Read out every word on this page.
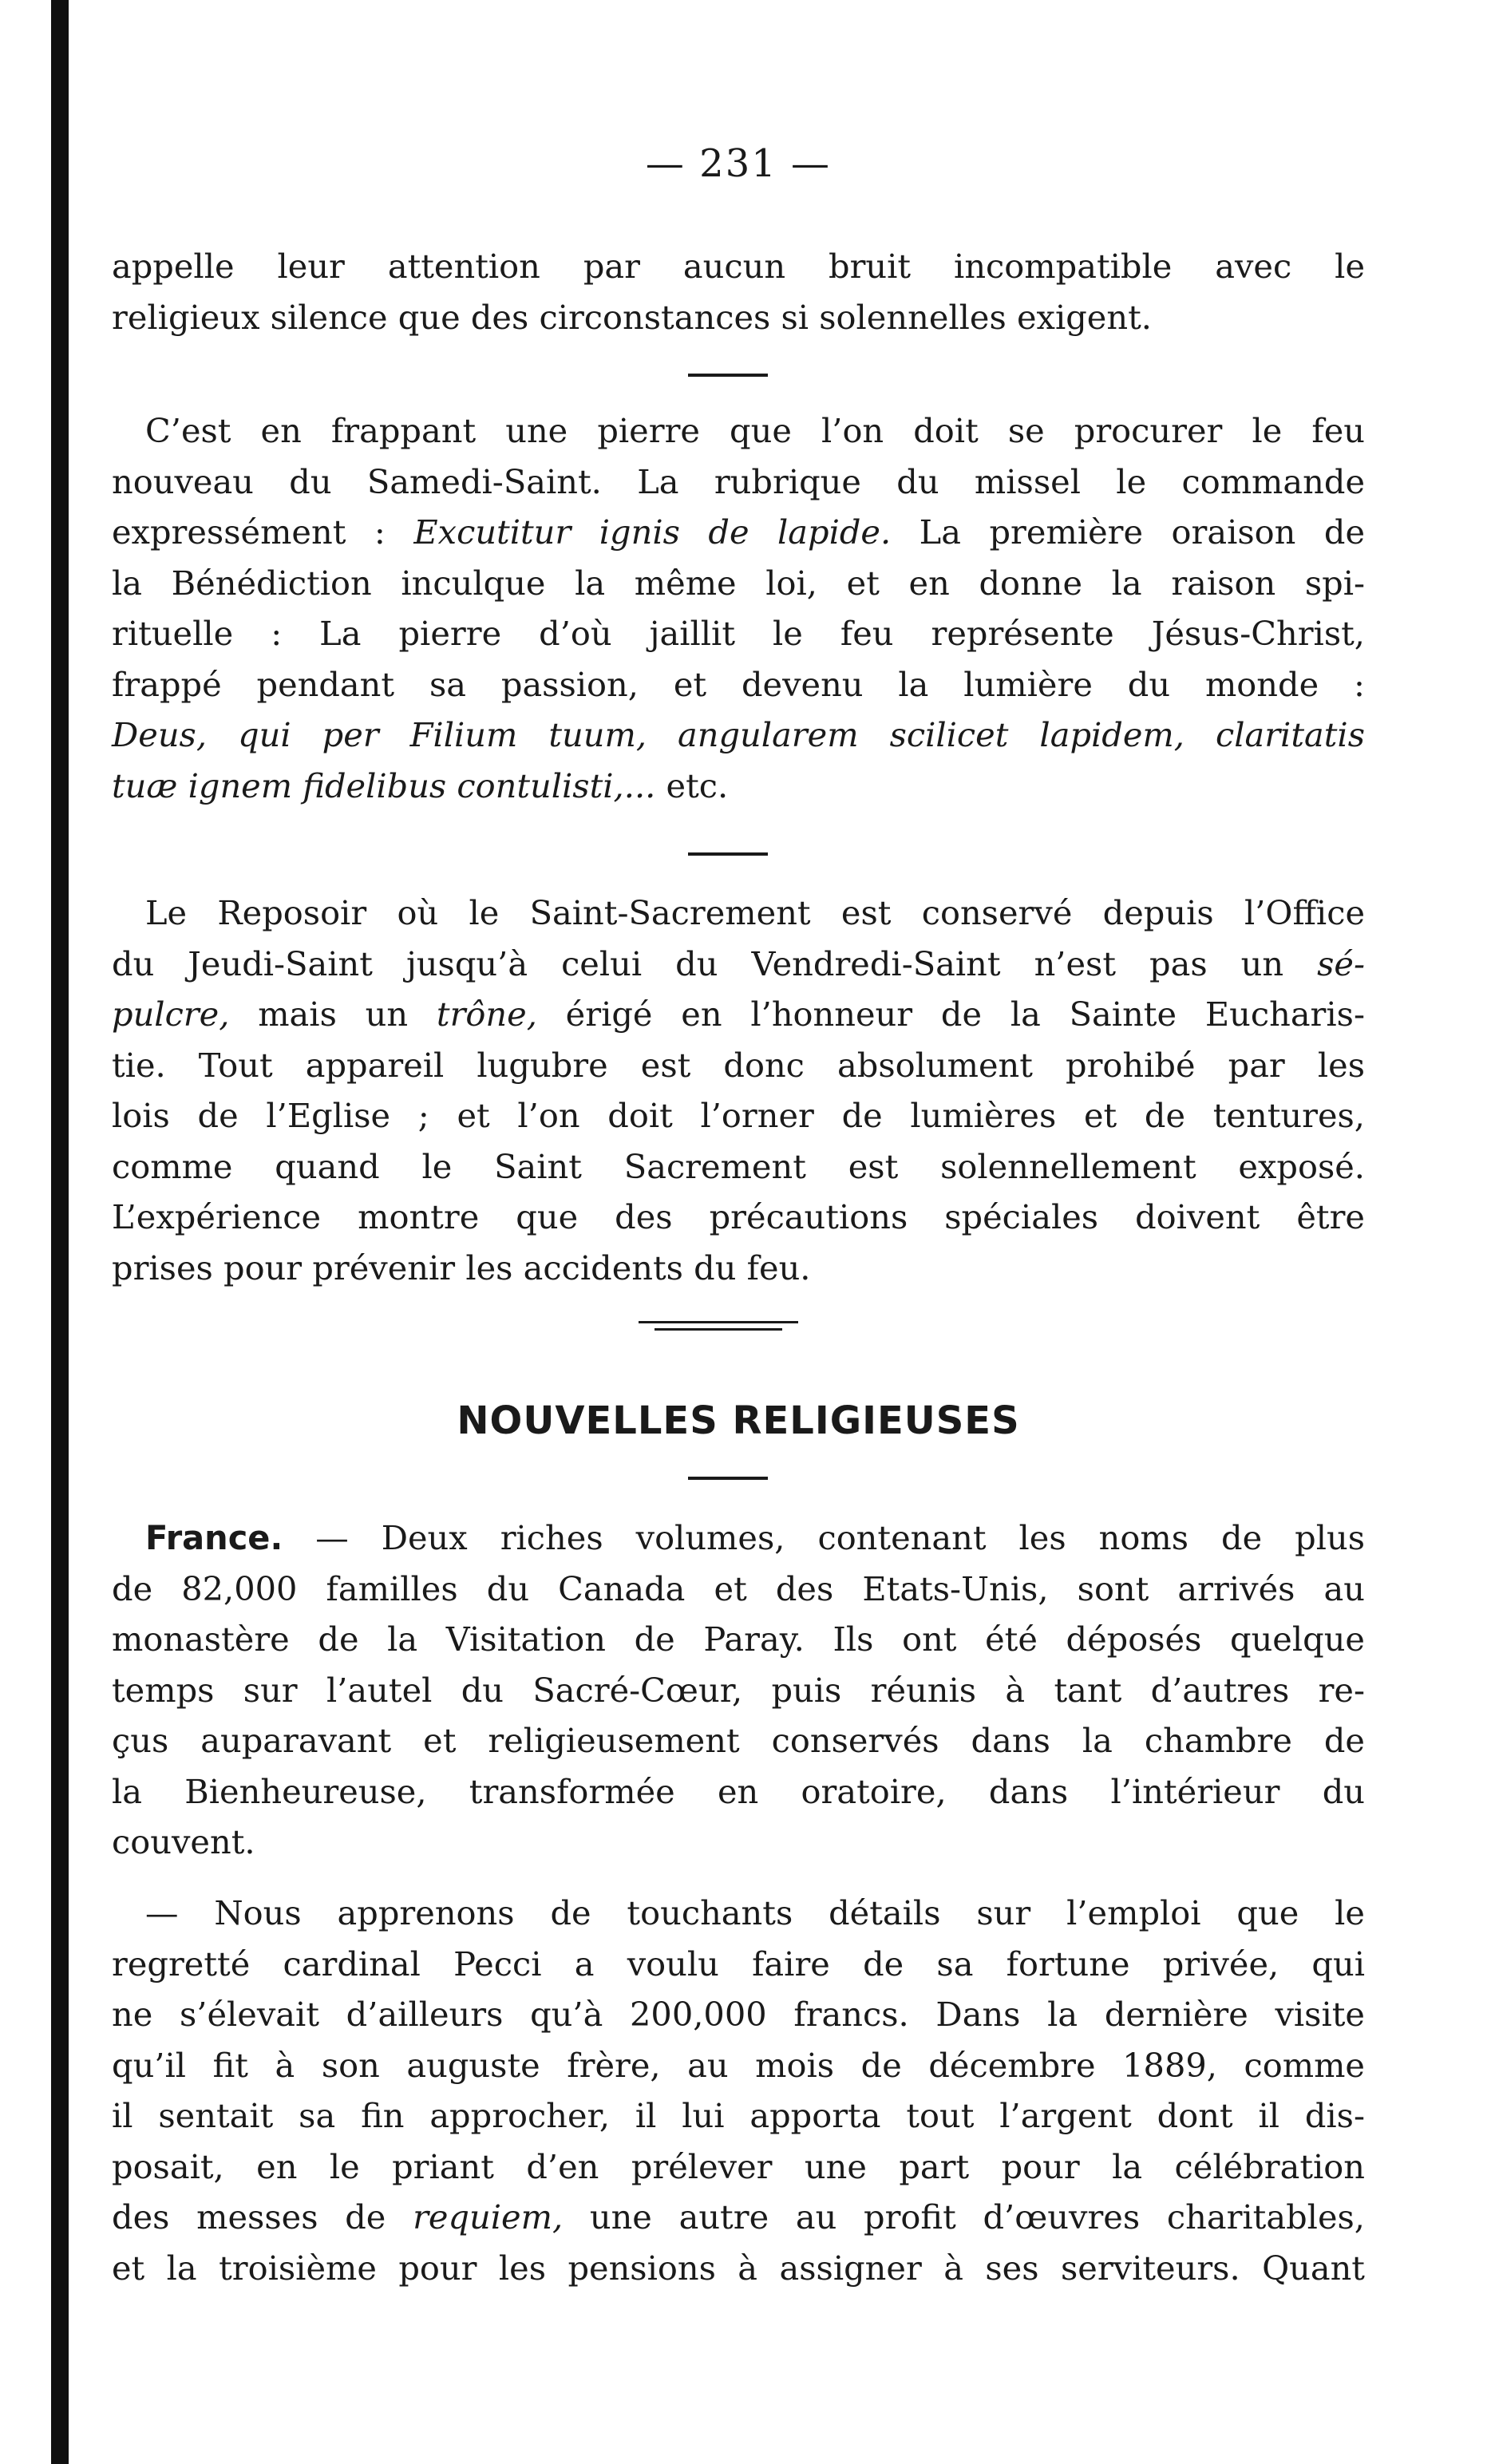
— 231 —
appelle leur attention par aucun bruit incompatible avec le
religieux silence que des circonstances si solennelles exigent.
C’est en frappant une pierre que l’on doit se procurer le feu
nouveau du Samedi-Saint. La rubrique du missel le commande
expressément : Excutitur ignis de lapide. La première oraison de
la Bénédiction inculque la même loi, et en donne la raison spi-
rituelle : La pierre d’où jaillit le feu représente Jésus-Christ,
frappé pendant sa passion, et devenu la lumière du monde :
Deus, qui per Filium tuum, angularem scilicet lapidem, claritatis
tuæ ignem fidelibus contulisti,... etc.
Le Reposoir où le Saint-Sacrement est conservé depuis l’Office
du Jeudi-Saint jusqu’à celui du Vendredi-Saint n’est pas un sé-
pulcre, mais un trône, érigé en l’honneur de la Sainte Eucharis-
tie. Tout appareil lugubre est donc absolument prohibé par les
lois de l’Eglise ; et l’on doit l’orner de lumières et de tentures,
comme quand le Saint Sacrement est solennellement exposé.
L’expérience montre que des précautions spéciales doivent être
prises pour prévenir les accidents du feu.
NOUVELLES RELIGIEUSES
France. — Deux riches volumes, contenant les noms de plus
de 82,000 familles du Canada et des Etats-Unis, sont arrivés au
monastère de la Visitation de Paray. Ils ont été déposés quelque
temps sur l’autel du Sacré-Cœur, puis réunis à tant d’autres re-
çus auparavant et religieusement conservés dans la chambre de
la Bienheureuse, transformée en oratoire, dans l’intérieur du
couvent.
— Nous apprenons de touchants détails sur l’emploi que le
regretté cardinal Pecci a voulu faire de sa fortune privée, qui
ne s’élevait d’ailleurs qu’à 200,000 francs. Dans la dernière visite
qu’il fit à son auguste frère, au mois de décembre 1889, comme
il sentait sa fin approcher, il lui apporta tout l’argent dont il dis-
posait, en le priant d’en prélever une part pour la célébration
des messes de requiem, une autre au profit d’œuvres charitables,
et la troisième pour les pensions à assigner à ses serviteurs. Quant
